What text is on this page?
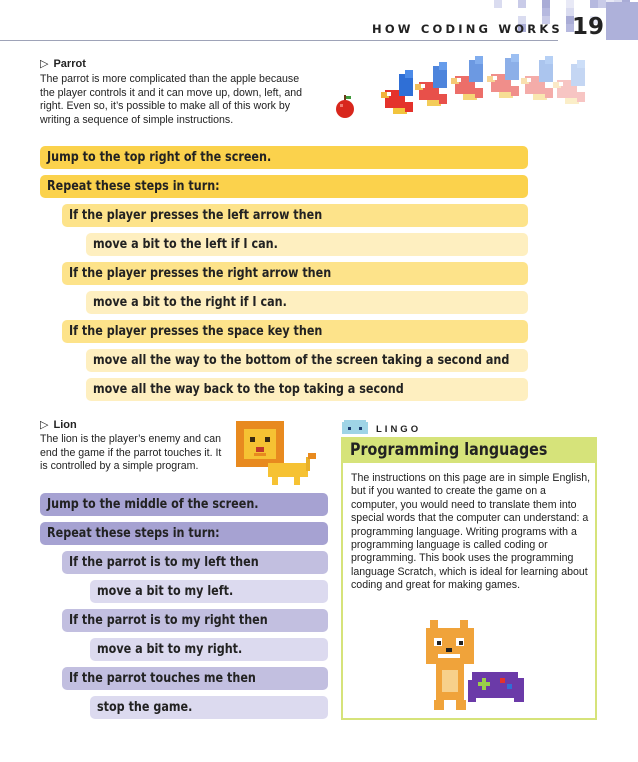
HOW CODING WORKS 19
▷ Parrot
The parrot is more complicated than the apple because the player controls it and it can move up, down, left, and right. Even so, it’s possible to make all of this work by writing a sequence of simple instructions.
Jump to the top right of the screen.
Repeat these steps in turn:
If the player presses the left arrow then
move a bit to the left if I can.
If the player presses the right arrow then
move a bit to the right if I can.
If the player presses the space key then
move all the way to the bottom of the screen taking a second and
move all the way back to the top taking a second
▷ Lion
The lion is the player’s enemy and can end the game if the parrot touches it. It is controlled by a simple program.
Jump to the middle of the screen.
Repeat these steps in turn:
If the parrot is to my left then
move a bit to my left.
If the parrot is to my right then
move a bit to my right.
If the parrot touches me then
stop the game.
LINGO
Programming languages
The instructions on this page are in simple English, but if you wanted to create the game on a computer, you would need to translate them into special words that the computer can understand: a programming language. Writing programs with a programming language is called coding or programming. This book uses the programming language Scratch, which is ideal for learning about coding and great for making games.
